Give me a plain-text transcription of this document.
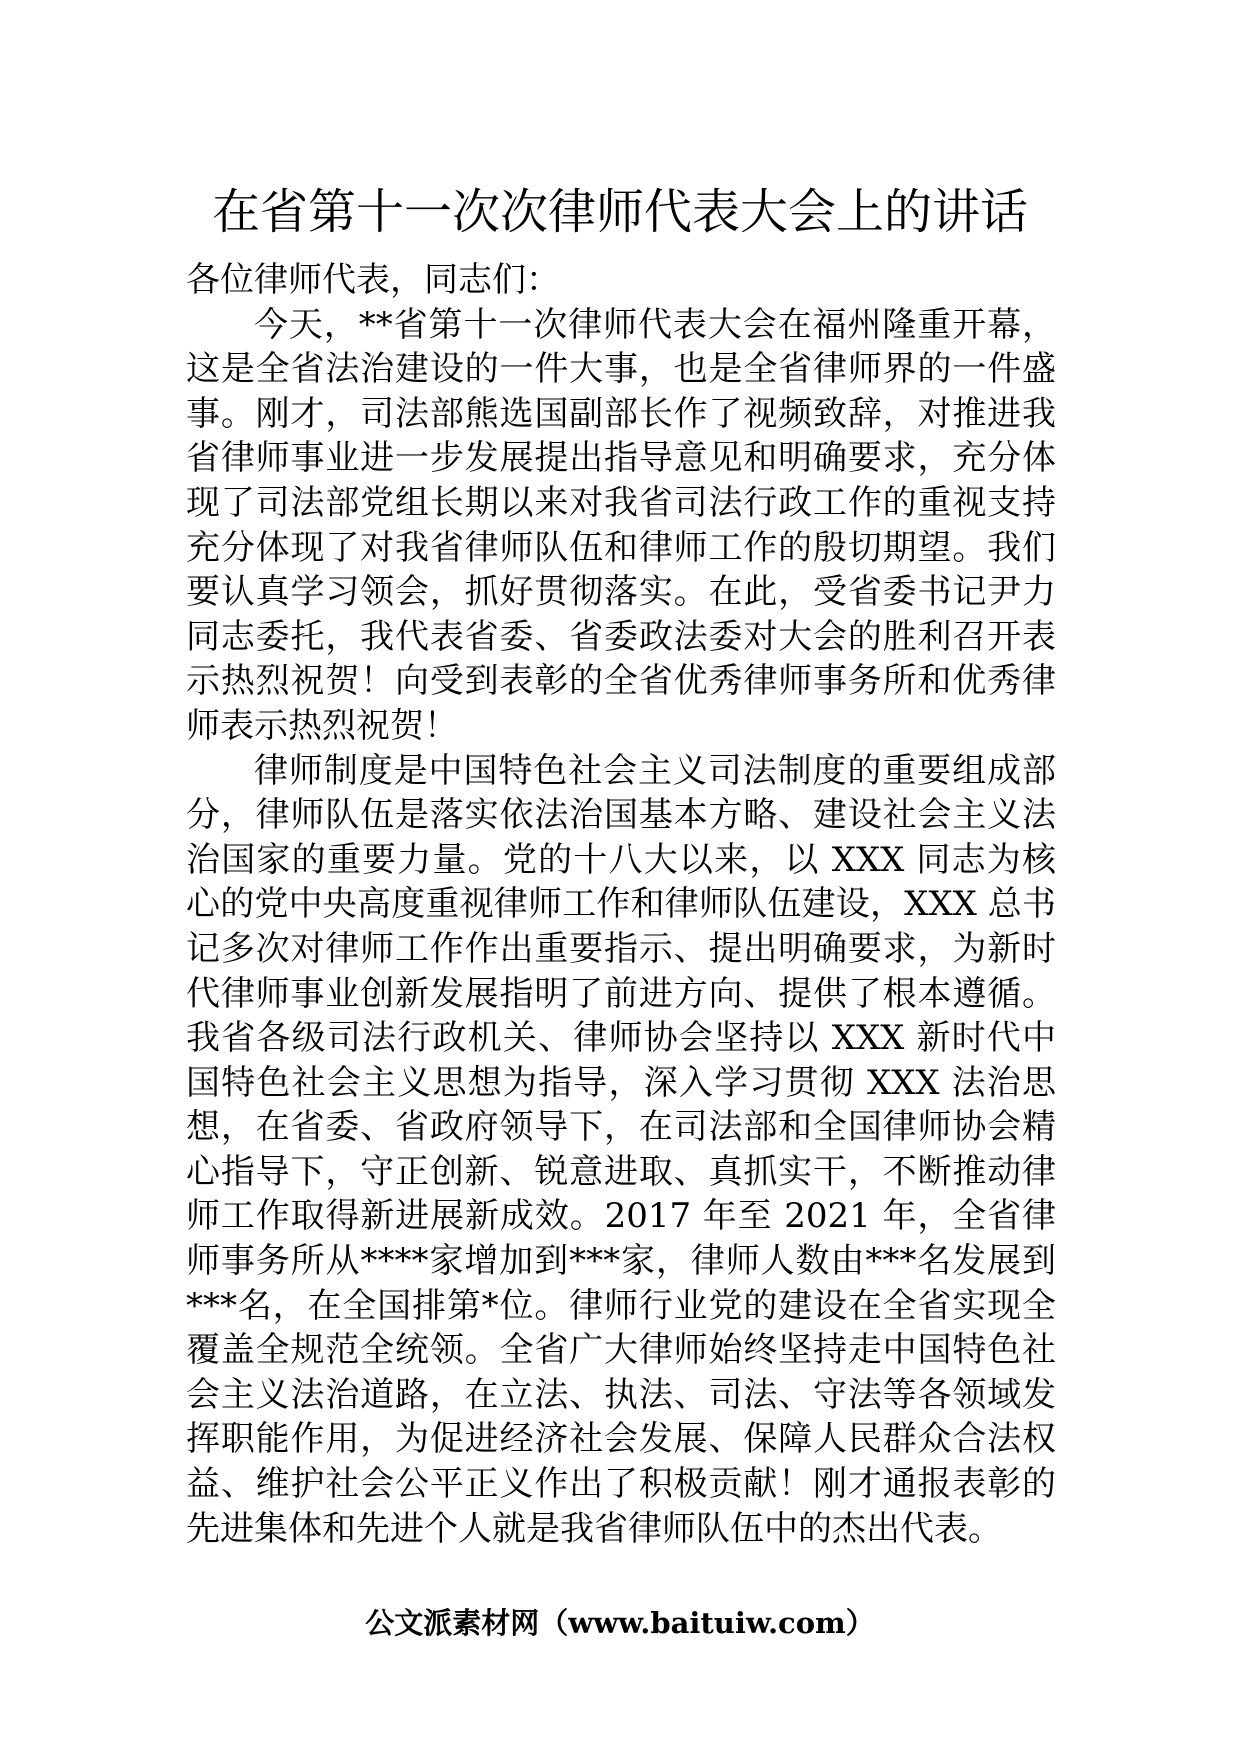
在省第十一次次律师代表大会上的讲话

各位律师代表，同志们：

今天，**省第十一次律师代表大会在福州隆重开幕，这是全省法治建设的一件大事，也是全省律师界的一件盛事。刚才，司法部熊选国副部长作了视频致辞，对推进我省律师事业进一步发展提出指导意见和明确要求，充分体现了司法部党组长期以来对我省司法行政工作的重视支持充分体现了对我省律师队伍和律师工作的殷切期望。我们要认真学习领会，抓好贯彻落实。在此，受省委书记尹力同志委托，我代表省委、省委政法委对大会的胜利召开表示热烈祝贺！向受到表彰的全省优秀律师事务所和优秀律师表示热烈祝贺！

律师制度是中国特色社会主义司法制度的重要组成部分，律师队伍是落实依法治国基本方略、建设社会主义法治国家的重要力量。党的十八大以来，以 XXX 同志为核心的党中央高度重视律师工作和律师队伍建设，XXX 总书记多次对律师工作作出重要指示、提出明确要求，为新时代律师事业创新发展指明了前进方向、提供了根本遵循。我省各级司法行政机关、律师协会坚持以 XXX 新时代中国特色社会主义思想为指导，深入学习贯彻 XXX 法治思想，在省委、省政府领导下，在司法部和全国律师协会精心指导下，守正创新、锐意进取、真抓实干，不断推动律师工作取得新进展新成效。2017 年至 2021 年，全省律师事务所从****家增加到***家，律师人数由***名发展到***名，在全国排第*位。律师行业党的建设在全省实现全覆盖全规范全统领。全省广大律师始终坚持走中国特色社会主义法治道路，在立法、执法、司法、守法等各领域发挥职能作用，为促进经济社会发展、保障人民群众合法权益、维护社会公平正义作出了积极贡献！刚才通报表彰的先进集体和先进个人就是我省律师队伍中的杰出代表。

公文派素材网（www.baituiw.com）
